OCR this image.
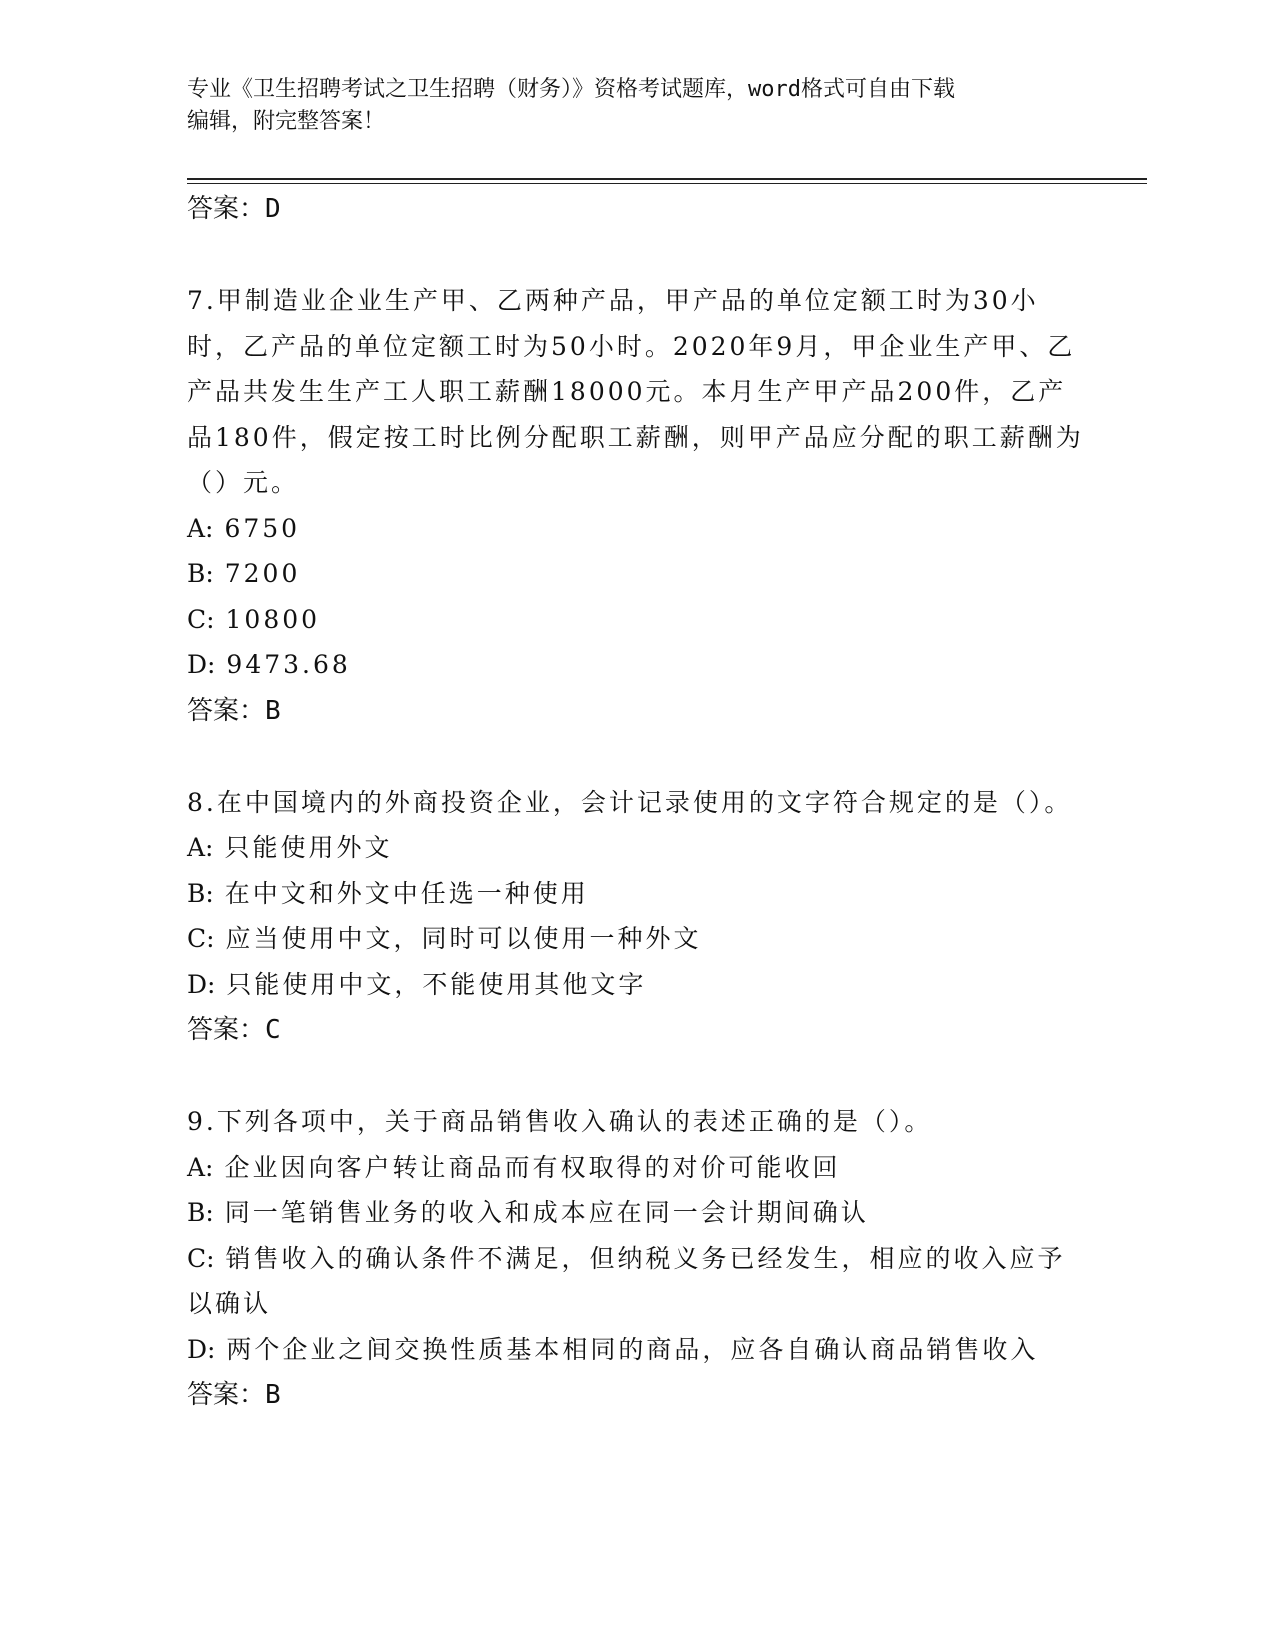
专业《卫生招聘考试之卫生招聘（财务）》资格考试题库，word格式可自由下载
编辑，附完整答案！
答案：D
7.甲制造业企业生产甲、乙两种产品，甲产品的单位定额工时为30小时，乙产品的单位定额工时为50小时。2020年9月，甲企业生产甲、乙产品共发生生产工人职工薪酬18000元。本月生产甲产品200件，乙产品180件，假定按工时比例分配职工薪酬，则甲产品应分配的职工薪酬为（）元。
A: 6750
B: 7200
C: 10800
D: 9473.68
答案：B
8.在中国境内的外商投资企业，会计记录使用的文字符合规定的是（）。
A: 只能使用外文
B: 在中文和外文中任选一种使用
C: 应当使用中文，同时可以使用一种外文
D: 只能使用中文，不能使用其他文字
答案：C
9.下列各项中，关于商品销售收入确认的表述正确的是（）。
A: 企业因向客户转让商品而有权取得的对价可能收回
B: 同一笔销售业务的收入和成本应在同一会计期间确认
C: 销售收入的确认条件不满足，但纳税义务已经发生，相应的收入应予以确认
D: 两个企业之间交换性质基本相同的商品，应各自确认商品销售收入
答案：B
